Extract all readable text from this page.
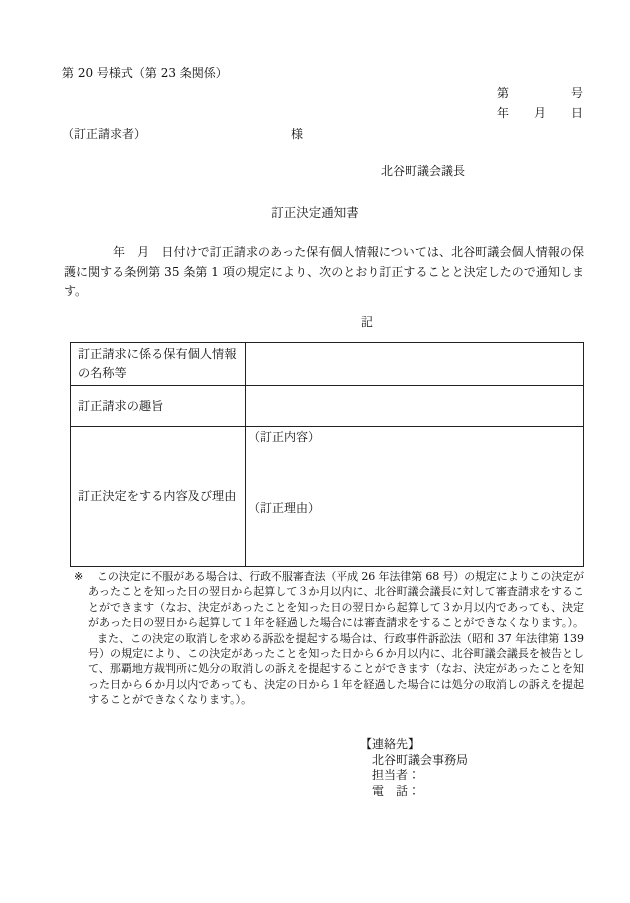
第 20 号様式（第 23 条関係）
第　　　　号
年　　月　　日
（訂正請求者）	様
北谷町議会議長
訂正決定通知書
年　月　日付けで訂正請求のあった保有個人情報については、北谷町議会個人情報の保
護に関する条例第 35 条第 1 項の規定により、次のとおり訂正することと決定したので通知しま
す。
記
訂正請求に係る保有個人情報の名称等
訂正請求の趣旨
訂正決定をする内容及び理由
（訂正内容）
（訂正理由）
※ この決定に不服がある場合は、行政不服審査法（平成 26 年法律第 68 号）の規定によりこの決定が
あったことを知った日の翌日から起算して３か月以内に、北谷町議会議長に対して審査請求をするこ
とができます（なお、決定があったことを知った日の翌日から起算して３か月以内であっても、決定
があった日の翌日から起算して１年を経過した場合には審査請求をすることができなくなります。）。
また、この決定の取消しを求める訴訟を提起する場合は、行政事件訴訟法（昭和 37 年法律第 139
号）の規定により、この決定があったことを知った日から６か月以内に、北谷町議会議長を被告とし
て、那覇地方裁判所に処分の取消しの訴えを提起することができます（なお、決定があったことを知
った日から６か月以内であっても、決定の日から１年を経過した場合には処分の取消しの訴えを提起
することができなくなります。）。
【連絡先】
北谷町議会事務局
担当者：
電　話：
